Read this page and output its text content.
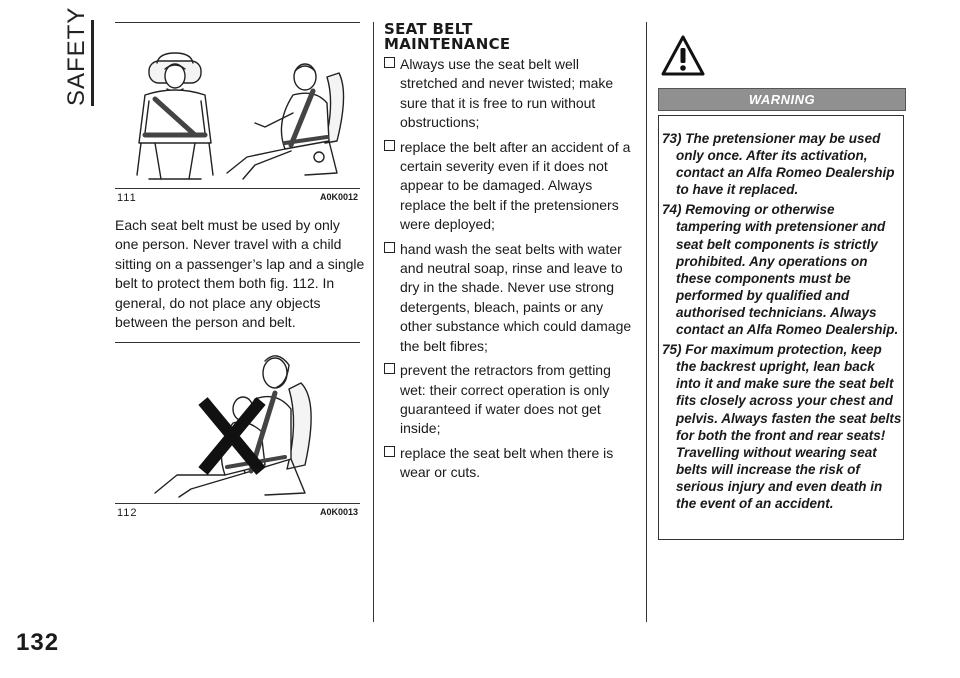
SAFETY
132
111	A0K0012
Each seat belt must be used by only one person. Never travel with a child sitting on a passenger’s lap and a single belt to protect them both fig. 112. In general, do not place any objects between the person and belt.
112	A0K0013
SEAT BELT
MAINTENANCE
Always use the seat belt well stretched and never twisted; make sure that it is free to run without obstructions;
replace the belt after an accident of a certain severity even if it does not appear to be damaged. Always replace the belt if the pretensioners were deployed;
hand wash the seat belts with water and neutral soap, rinse and leave to dry in the shade. Never use strong detergents, bleach, paints or any other substance which could damage the belt fibres;
prevent the retractors from getting wet: their correct operation is only guaranteed if water does not get inside;
replace the seat belt when there is wear or cuts.
WARNING
73) The pretensioner may be used only once. After its activation, contact an Alfa Romeo Dealership to have it replaced.
74) Removing or otherwise tampering with pretensioner and seat belt components is strictly prohibited. Any operations on these components must be performed by qualified and authorised technicians. Always contact an Alfa Romeo Dealership.
75) For maximum protection, keep the backrest upright, lean back into it and make sure the seat belt fits closely across your chest and pelvis. Always fasten the seat belts for both the front and rear seats! Travelling without wearing seat belts will increase the risk of serious injury and even death in the event of an accident.
